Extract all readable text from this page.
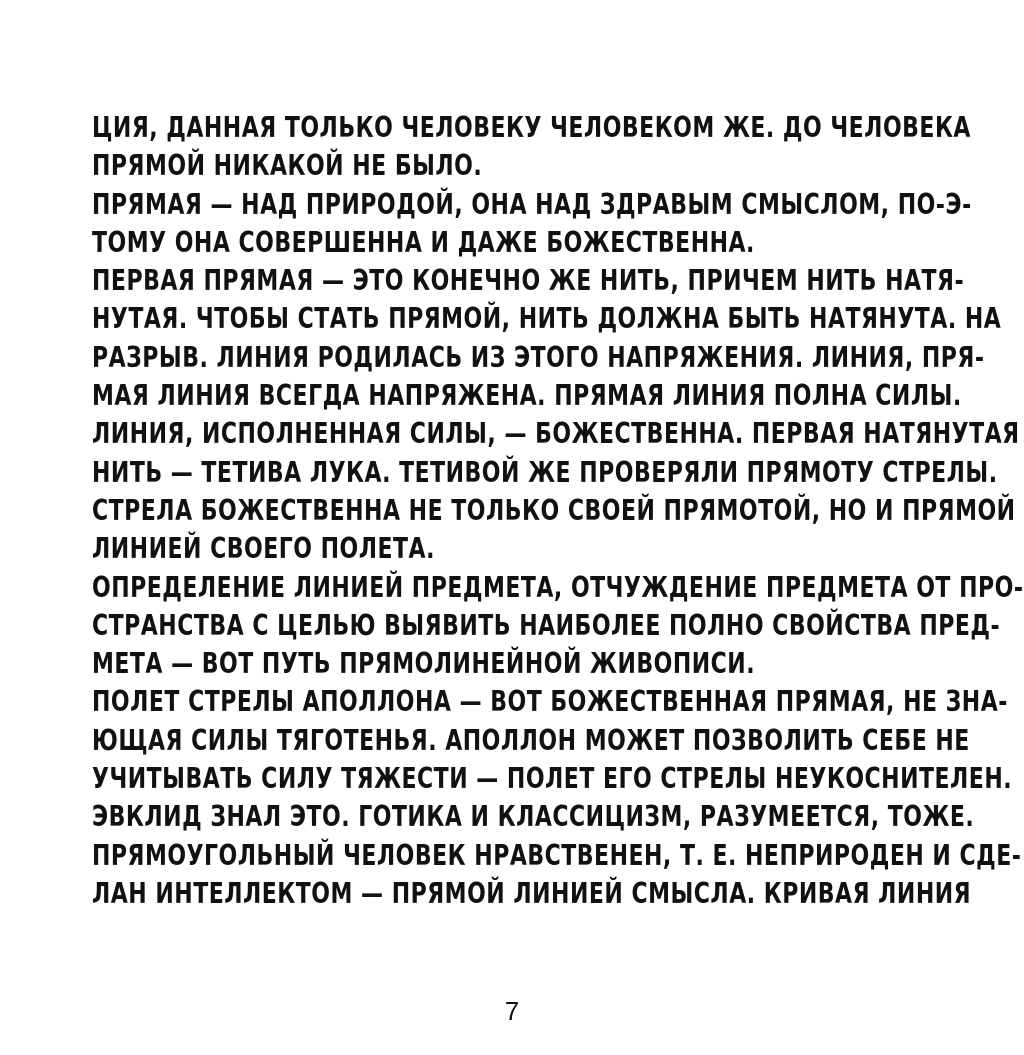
ЦИЯ, ДАННАЯ ТОЛЬКО ЧЕЛОВЕКУ ЧЕЛОВЕКОМ ЖЕ. ДО ЧЕЛОВЕКА
ПРЯМОЙ НИКАКОЙ НЕ БЫЛО.
ПРЯМАЯ — НАД ПРИРОДОЙ, ОНА НАД ЗДРАВЫМ СМЫСЛОМ, ПО-Э-
ТОМУ ОНА СОВЕРШЕННА И ДАЖЕ БОЖЕСТВЕННА.
ПЕРВАЯ ПРЯМАЯ — ЭТО КОНЕЧНО ЖЕ НИТЬ, ПРИЧЕМ НИТЬ НАТЯ-
НУТАЯ. ЧТОБЫ СТАТЬ ПРЯМОЙ, НИТЬ ДОЛЖНА БЫТЬ НАТЯНУТА. НА
РАЗРЫВ. ЛИНИЯ РОДИЛАСЬ ИЗ ЭТОГО НАПРЯЖЕНИЯ. ЛИНИЯ, ПРЯ-
МАЯ ЛИНИЯ ВСЕГДА НАПРЯЖЕНА. ПРЯМАЯ ЛИНИЯ ПОЛНА СИЛЫ.
ЛИНИЯ, ИСПОЛНЕННАЯ СИЛЫ, — БОЖЕСТВЕННА. ПЕРВАЯ НАТЯНУТАЯ
НИТЬ — ТЕТИВА ЛУКА. ТЕТИВОЙ ЖЕ ПРОВЕРЯЛИ ПРЯМОТУ СТРЕЛЫ.
СТРЕЛА БОЖЕСТВЕННА НЕ ТОЛЬКО СВОЕЙ ПРЯМОТОЙ, НО И ПРЯМОЙ
ЛИНИЕЙ СВОЕГО ПОЛЕТА.
ОПРЕДЕЛЕНИЕ ЛИНИЕЙ ПРЕДМЕТА, ОТЧУЖДЕНИЕ ПРЕДМЕТА ОТ ПРО-
СТРАНСТВА С ЦЕЛЬЮ ВЫЯВИТЬ НАИБОЛЕЕ ПОЛНО СВОЙСТВА ПРЕД-
МЕТА — ВОТ ПУТЬ ПРЯМОЛИНЕЙНОЙ ЖИВОПИСИ.
ПОЛЕТ СТРЕЛЫ АПОЛЛОНА — ВОТ БОЖЕСТВЕННАЯ ПРЯМАЯ, НЕ ЗНА-
ЮЩАЯ СИЛЫ ТЯГОТЕНЬЯ. АПОЛЛОН МОЖЕТ ПОЗВОЛИТЬ СЕБЕ НЕ
УЧИТЫВАТЬ СИЛУ ТЯЖЕСТИ — ПОЛЕТ ЕГО СТРЕЛЫ НЕУКОСНИТЕЛЕН.
ЭВКЛИД ЗНАЛ ЭТО. ГОТИКА И КЛАССИЦИЗМ, РАЗУМЕЕТСЯ, ТОЖЕ.
ПРЯМОУГОЛЬНЫЙ ЧЕЛОВЕК НРАВСТВЕНЕН, Т. Е. НЕПРИРОДЕН И СДЕ-
ЛАН ИНТЕЛЛЕКТОМ — ПРЯМОЙ ЛИНИЕЙ СМЫСЛА. КРИВАЯ ЛИНИЯ
7
